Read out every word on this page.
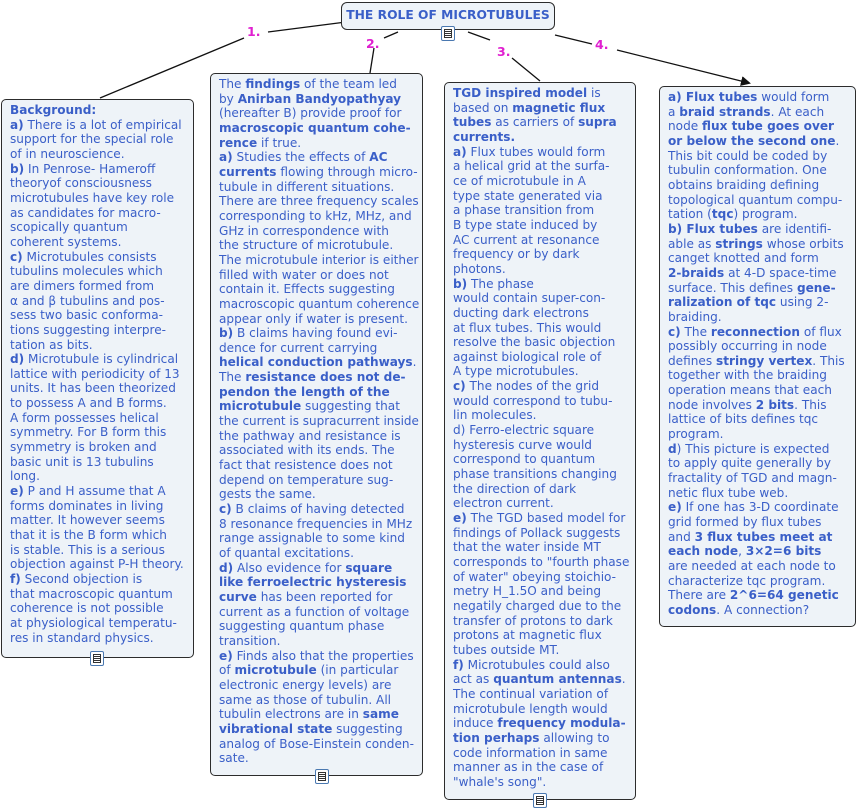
THE ROLE OF MICROTUBULES
1.
2.
3.	4.
Background:
a) There is a lot of empirical
support for the special role
of in neuroscience.
b) In Penrose- Hameroff
theoryof consciousness
microtubules have key role
as candidates for macro-
scopically quantum
coherent systems.
c) Microtubules consists
tubulins molecules which
are dimers formed from
α and β tubulins and pos-
sess two basic conforma-
tions suggesting interpre-
tation as bits.
d) Microtubule is cylindrical
lattice with periodicity of 13
units. It has been theorized
to possess A and B forms.
A form possesses helical
symmetry. For B form this
symmetry is broken and
basic unit is 13 tubulins
long.
e) P and H assume that A
forms dominates in living
matter. It however seems
that it is the B form which
is stable. This is a serious
objection against P-H theory.
f) Second objection is
that macroscopic quantum
coherence is not possible
at physiological temperatu-
res in standard physics.
The findings of the team led
by Anirban Bandyopathyay
(hereafter B) provide proof for
macroscopic quantum cohe-
rence if true.
a) Studies the effects of AC
currents flowing through micro-
tubule in different situations.
There are three frequency scales
corresponding to kHz, MHz, and
GHz in correspondence with
the structure of microtubule.
The microtubule interior is either
filled with water or does not
contain it. Effects suggesting
macroscopic quantum coherence
appear only if water is present.
b) B claims having found evi-
dence for current carrying
helical conduction pathways.
The resistance does not de-
pendon the length of the
microtubule suggesting that
the current is supracurrent inside
the pathway and resistance is
associated with its ends. The
fact that resistence does not
depend on temperature sug-
gests the same.
c) B claims of having detected
8 resonance frequencies in MHz
range assignable to some kind
of quantal excitations.
d) Also evidence for square
like ferroelectric hysteresis
curve has been reported for
current as a function of voltage
suggesting quantum phase
transition.
e) Finds also that the properties
of microtubule (in particular
electronic energy levels) are
same as those of tubulin. All
tubulin electrons are in same
vibrational state suggesting
analog of Bose-Einstein conden-
sate.
TGD inspired model is
based on magnetic flux
tubes as carriers of supra
currents.
a) Flux tubes would form
a helical grid at the surfa-
ce of microtubule in A
type state generated via
a phase transition from
B type state induced by
AC current at resonance
frequency or by dark
photons.
b) The phase
would contain super-con-
ducting dark electrons
at flux tubes. This would
resolve the basic objection
against biological role of
A type microtubules.
c) The nodes of the grid
would correspond to tubu-
lin molecules.
d) Ferro-electric square
hysteresis curve would
correspond to quantum
phase transitions changing
the direction of dark
electron current.
e) The TGD based model for
findings of Pollack suggests
that the water inside MT
corresponds to "fourth phase
of water" obeying stoichio-
metry H_1.5O and being
negatily charged due to the
transfer of protons to dark
protons at magnetic flux
tubes outside MT.
f) Microtubules could also
act as quantum antennas.
The continual variation of
microtubule length would
induce frequency modula-
tion perhaps allowing to
code information in same
manner as in the case of
"whale's song".
a) Flux tubes would form
a braid strands. At each
node flux tube goes over
or below the second one.
This bit could be coded by
tubulin conformation. One
obtains braiding defining
topological quantum compu-
tation (tqc) program.
b) Flux tubes are identifi-
able as strings whose orbits
canget knotted and form
2-braids at 4-D space-time
surface. This defines gene-
ralization of tqc using 2-
braiding.
c) The reconnection of flux
possibly occurring in node
defines stringy vertex. This
together with the braiding
operation means that each
node involves 2 bits. This
lattice of bits defines tqc
program.
d) This picture is expected
to apply quite generally by
fractality of TGD and magn-
netic flux tube web.
e) If one has 3-D coordinate
grid formed by flux tubes
and 3 flux tubes meet at
each node, 3×2=6 bits
are needed at each node to
characterize tqc program.
There are 2^6=64 genetic
codons. A connection?
